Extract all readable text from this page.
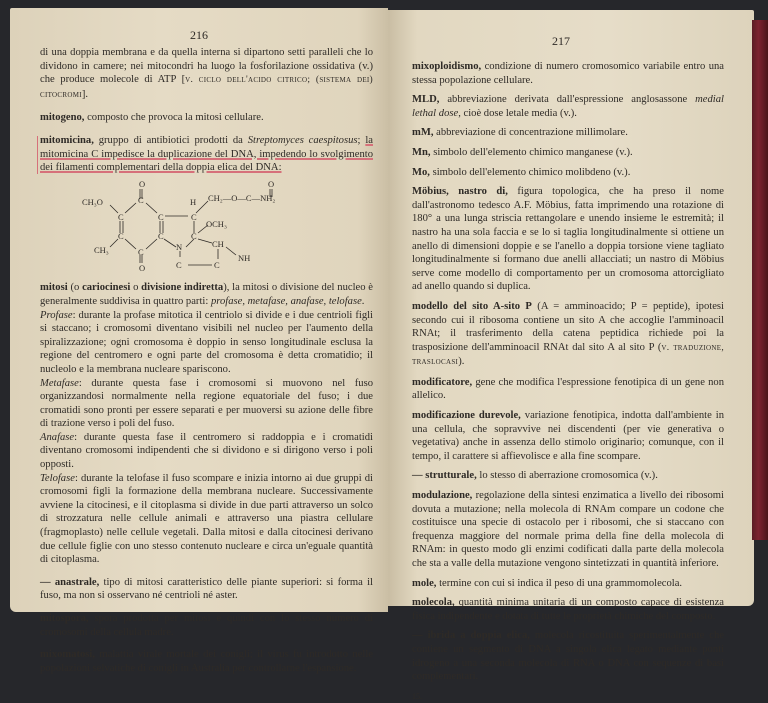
216

di una doppia membrana e da quella interna si dipartono setti paralleli che lo dividono in camere; nei mitocondri ha luogo la fosforilazione ossidativa (v.) che produce molecole di ATP [v. ciclo dell'acido citrico; (sistema dei) citocromi].

mitogeno, composto che provoca la mitosi cellulare.

mitomicina, gruppo di antibiotici prodotti da Streptomyces caespitosus; la mitomicina C impedisce la duplicazione del DNA, impedendo lo svolgimento dei filamenti complementari della doppia elica del DNA:

O	O
C
CH₃O	H CH₂—O—C—NH₂
C	C	C
OCH₃
C	C	C
CH₃	C	N	CH
NH
O	C	C

mitosi (o cariocinesi o divisione indiretta), la mitosi o divisione del nucleo è generalmente suddivisa in quattro parti: profase, metafase, anafase, telofase.

Profase: durante la profase mitotica il centriolo si divide e i due centrioli figli si staccano; i cromosomi diventano visibili nel nucleo per l'aumento della spiralizzazione; ogni cromosoma è doppio in senso longitudinale esclusa la regione del centromero e ogni parte del cromosoma è detta cromatidio; il nucleolo e la membrana nucleare spariscono.

Metafase: durante questa fase i cromosomi si muovono nel fuso organizzandosi normalmente nella regione equatoriale del fuso; i due cromatidi sono pronti per essere separati e per muoversi su azione delle fibre di trazione verso i poli del fuso.

Anafase: durante questa fase il centromero si raddoppia e i cromatidi diventano cromosomi indipendenti che si dividono e si dirigono verso i poli opposti.

Telofase: durante la telofase il fuso scompare e inizia intorno ai due gruppi di cromosomi figli la formazione della membrana nucleare. Successivamente avviene la citocinesi, e il citoplasma si divide in due parti attraverso un solco di strozzatura nelle cellule animali e attraverso una piastra cellulare (fragmoplasto) nelle cellule vegetali. Dalla mitosi e dalla citocinesi derivano due cellule figlie con uno stesso contenuto nucleare e circa un'eguale quantità di citoplasma.

— anastrale, tipo di mitosi caratteristico delle piante superiori: si forma il fuso, ma non si osservano né centrioli né aster.

mitospora, spora prodotta per mitosi e quindi con lo stesso numero di cromosomi della cellula madre.

mixomatosi, malattia virale mortale dei conigli; il virus fu introdotto nelle popolazioni selvatiche di conigli in Australia per controllarne l'espansione.

217

mixoploidismo, condizione di numero cromosomico variabile entro una stessa popolazione cellulare.

MLD, abbreviazione derivata dall'espressione anglosassone medial lethal dose, cioè dose letale media (v.).

mM, abbreviazione di concentrazione millimolare.

Mn, simbolo dell'elemento chimico manganese (v.).

Mo, simbolo dell'elemento chimico molibdeno (v.).

Möbius, nastro di, figura topologica, che ha preso il nome dall'astronomo tedesco A.F. Möbius, fatta imprimendo una rotazione di 180° a una lunga striscia rettangolare e unendo insieme le estremità; il nastro ha una sola faccia e se lo si taglia longitudinalmente si ottiene un anello di dimensioni doppie e se l'anello a doppia torsione viene tagliato longitudinalmente si formano due anelli allacciati; un nastro di Möbius serve come modello di comportamento per un cromosoma attorcigliato ad anello quando si duplica.

modello del sito A-sito P (A = amminoacido; P = peptide), ipotesi secondo cui il ribosoma contiene un sito A che accoglie l'amminoacil RNAt; il trasferimento della catena peptidica richiede poi la trasposizione dell'amminoacil RNAt dal sito A al sito P (v. traduzione, traslocasi).

modificatore, gene che modifica l'espressione fenotipica di un gene non allelico.

modificazione durevole, variazione fenotipica, indotta dall'ambiente in una cellula, che sopravvive nei discendenti (per vie generativa o vegetativa) anche in assenza dello stimolo originario; comunque, con il tempo, il carattere si affievolisce e alla fine scompare.

— strutturale, lo stesso di aberrazione cromosomica (v.).

modulazione, regolazione della sintesi enzimatica a livello dei ribosomi dovuta a mutazione; nella molecola di RNAm compare un codone che costituisce una specie di ostacolo per i ribosomi, che si staccano con frequenza maggiore del normale prima della fine della molecola di RNAm: in questo modo gli enzimi codificati dalla parte della molecola che sta a valle della mutazione vengono sintetizzati in quantità inferiore.

mole, termine con cui si indica il peso di una grammomolecola.

molecola, quantità minima unitaria di un composto capace di esistenza fisica indipendente e dotata di tutte le proprietà chimiche del composto.

— ibrida a doppia elica, molecola ricostituita sperimentalmente che contiene un segmento di DNA a singola elica legato mediante ponti idrogeno a una seconda molecola di RNA o DNA con sequenze di basi complementari.

15.
